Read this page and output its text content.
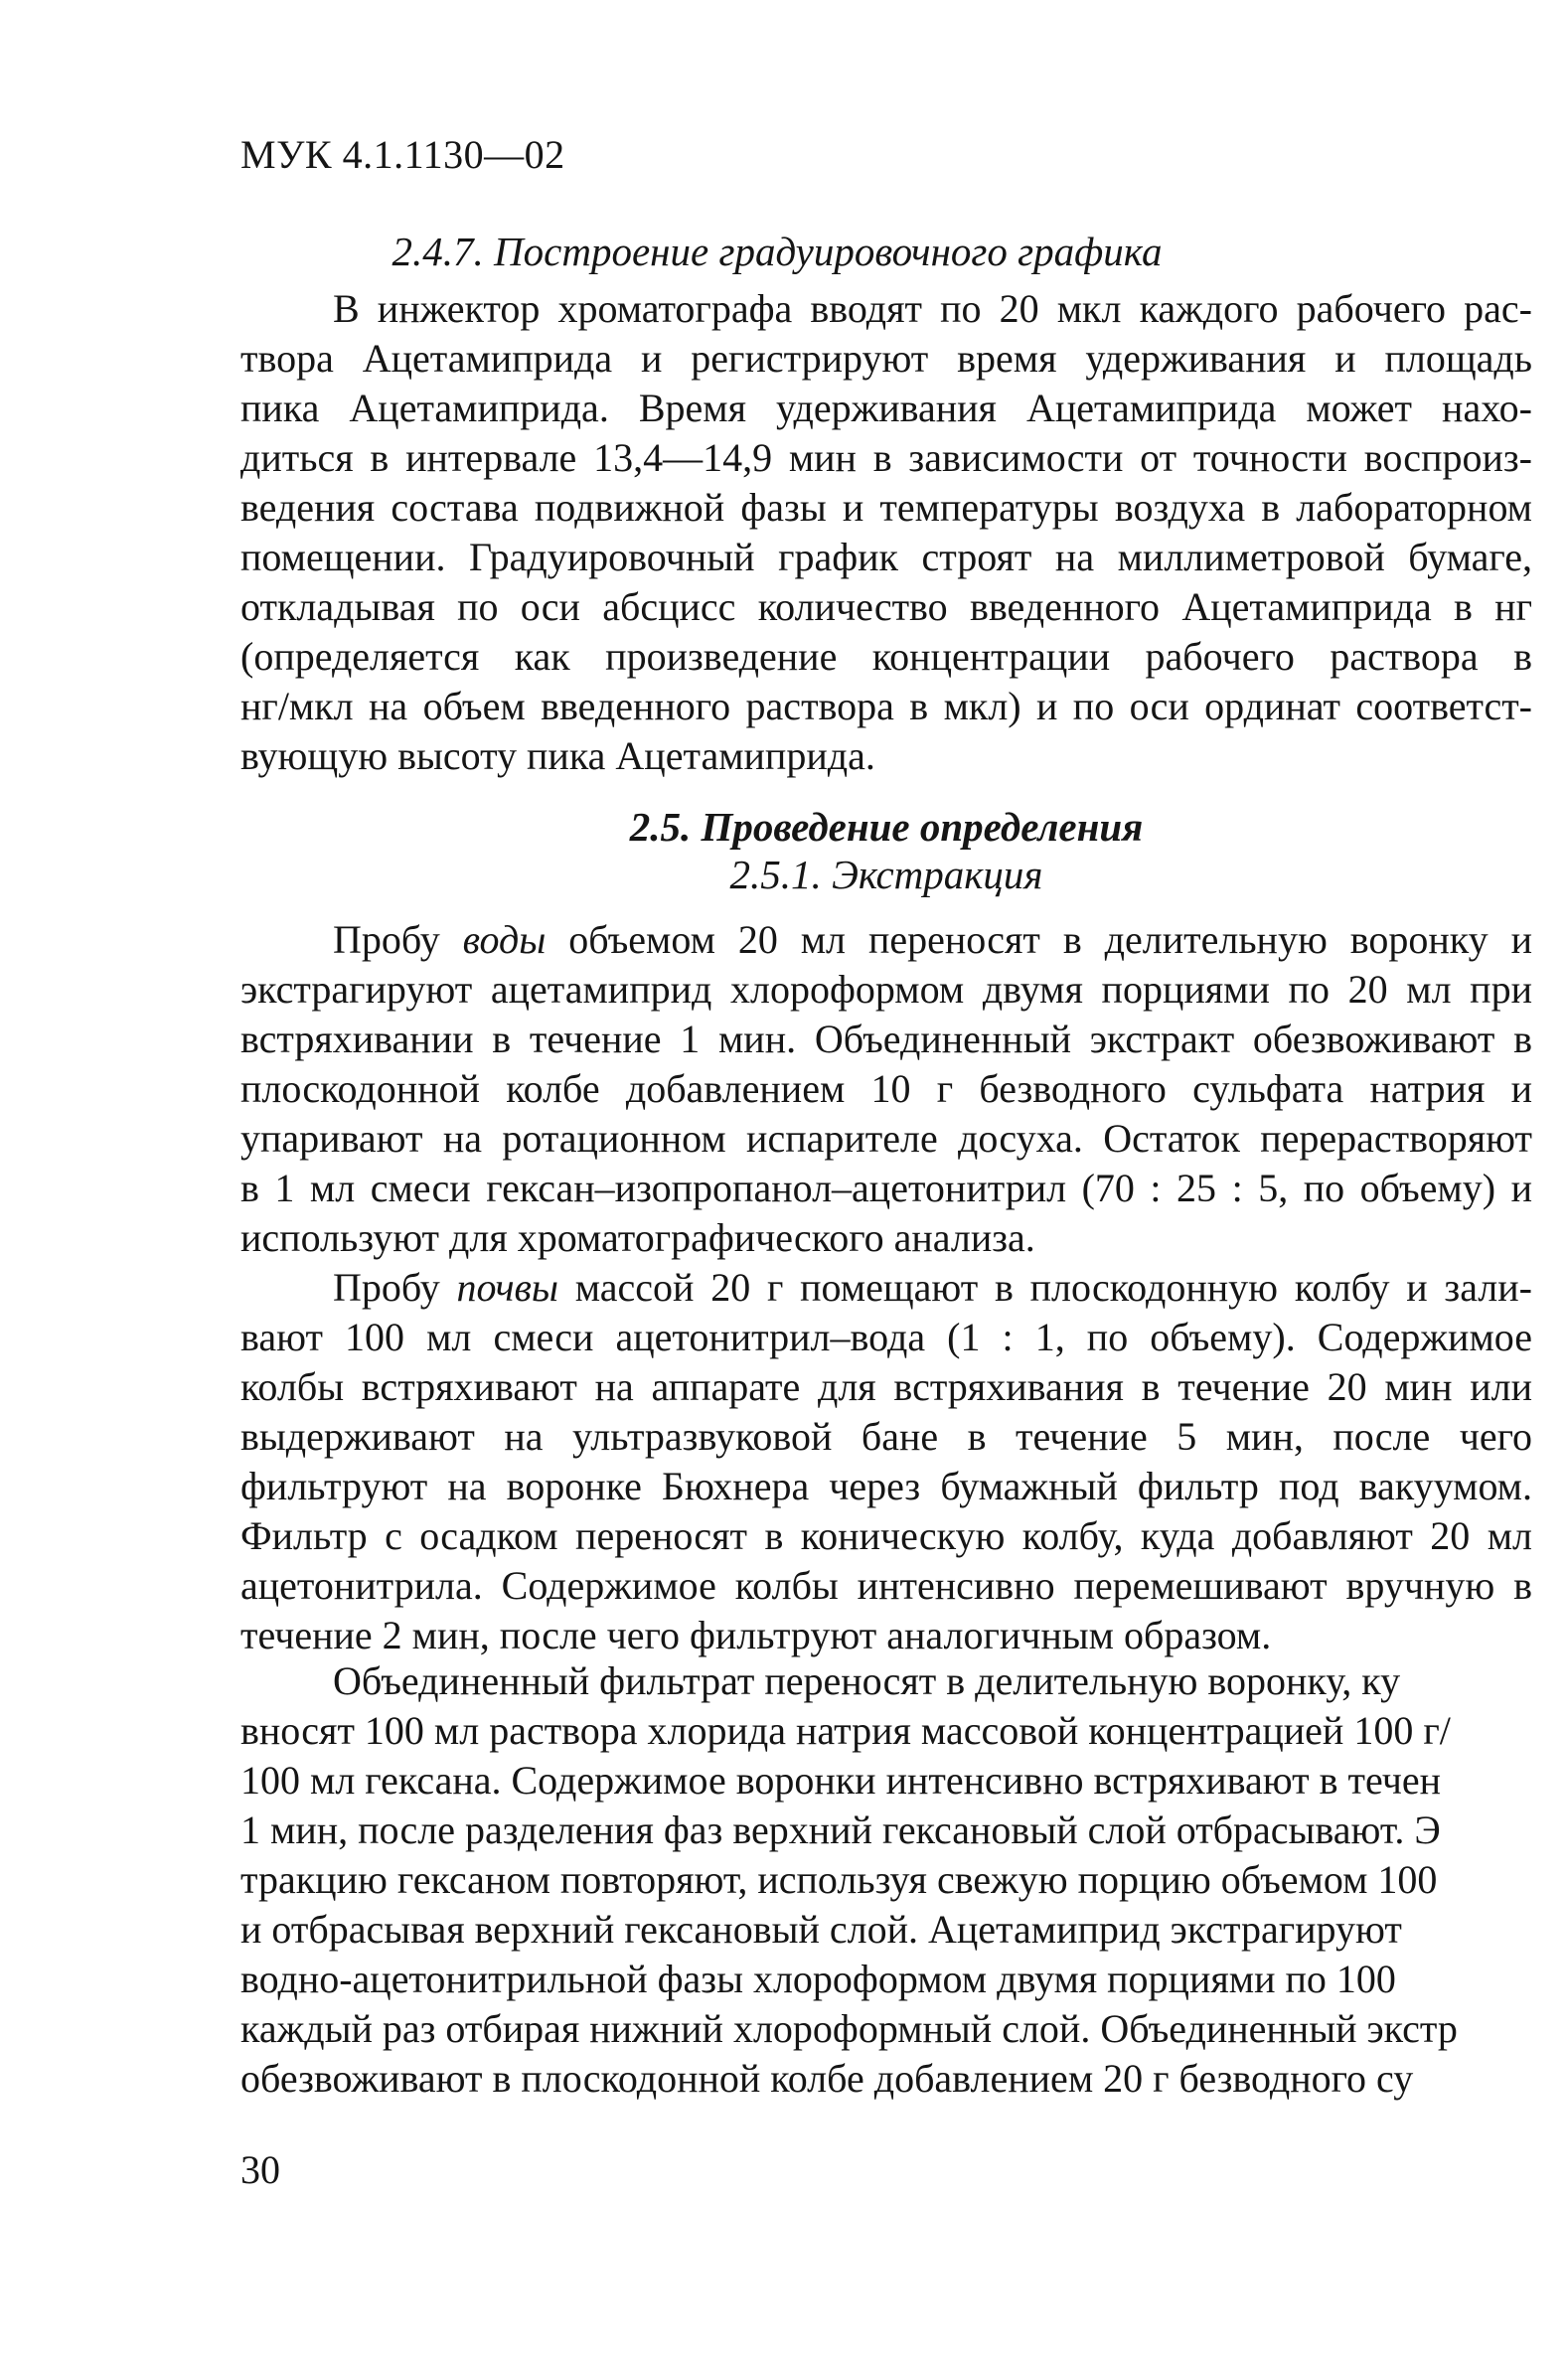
МУК 4.1.1130—02
2.4.7. Построение градуировочного графика
В инжектор хроматографа вводят по 20 мкл каждого рабочего рас-
твора Ацетамиприда и регистрируют время удерживания и площадь
пика Ацетамиприда. Время удерживания Ацетамиприда может нахо-
диться в интервале 13,4—14,9 мин в зависимости от точности воспроиз-
ведения состава подвижной фазы и температуры воздуха в лабораторном
помещении. Градуировочный график строят на миллиметровой бумаге,
откладывая по оси абсцисс количество введенного Ацетамиприда в нг
(определяется как произведение концентрации рабочего раствора в
нг/мкл на объем введенного раствора в мкл) и по оси ординат соответст-
вующую высоту пика Ацетамиприда.
2.5. Проведение определения
2.5.1. Экстракция
Пробу воды объемом 20 мл переносят в делительную воронку и
экстрагируют ацетамиприд хлороформом двумя порциями по 20 мл при
встряхивании в течение 1 мин. Объединенный экстракт обезвоживают в
плоскодонной колбе добавлением 10 г безводного сульфата натрия и
упаривают на ротационном испарителе досуха. Остаток перерастворяют
в 1 мл смеси гексан–изопропанол–ацетонитрил (70 : 25 : 5, по объему) и
используют для хроматографического анализа.
Пробу почвы массой 20 г помещают в плоскодонную колбу и зали-
вают 100 мл смеси ацетонитрил–вода (1 : 1, по объему). Содержимое
колбы встряхивают на аппарате для встряхивания в течение 20 мин или
выдерживают на ультразвуковой бане в течение 5 мин, после чего
фильтруют на воронке Бюхнера через бумажный фильтр под вакуумом.
Фильтр с осадком переносят в коническую колбу, куда добавляют 20 мл
ацетонитрила. Содержимое колбы интенсивно перемешивают вручную в
течение 2 мин, после чего фильтруют аналогичным образом.
Объединенный фильтрат переносят в делительную воронку, ку
вносят 100 мл раствора хлорида натрия массовой концентрацией 100 г/
100 мл гексана. Содержимое воронки интенсивно встряхивают в течен
1 мин, после разделения фаз верхний гексановый слой отбрасывают. Э
тракцию гексаном повторяют, используя свежую порцию объемом 100
и отбрасывая верхний гексановый слой. Ацетамиприд экстрагируют
водно-ацетонитрильной фазы хлороформом двумя порциями по 100
каждый раз отбирая нижний хлороформный слой. Объединенный экстр
обезвоживают в плоскодонной колбе добавлением 20 г безводного су
30
